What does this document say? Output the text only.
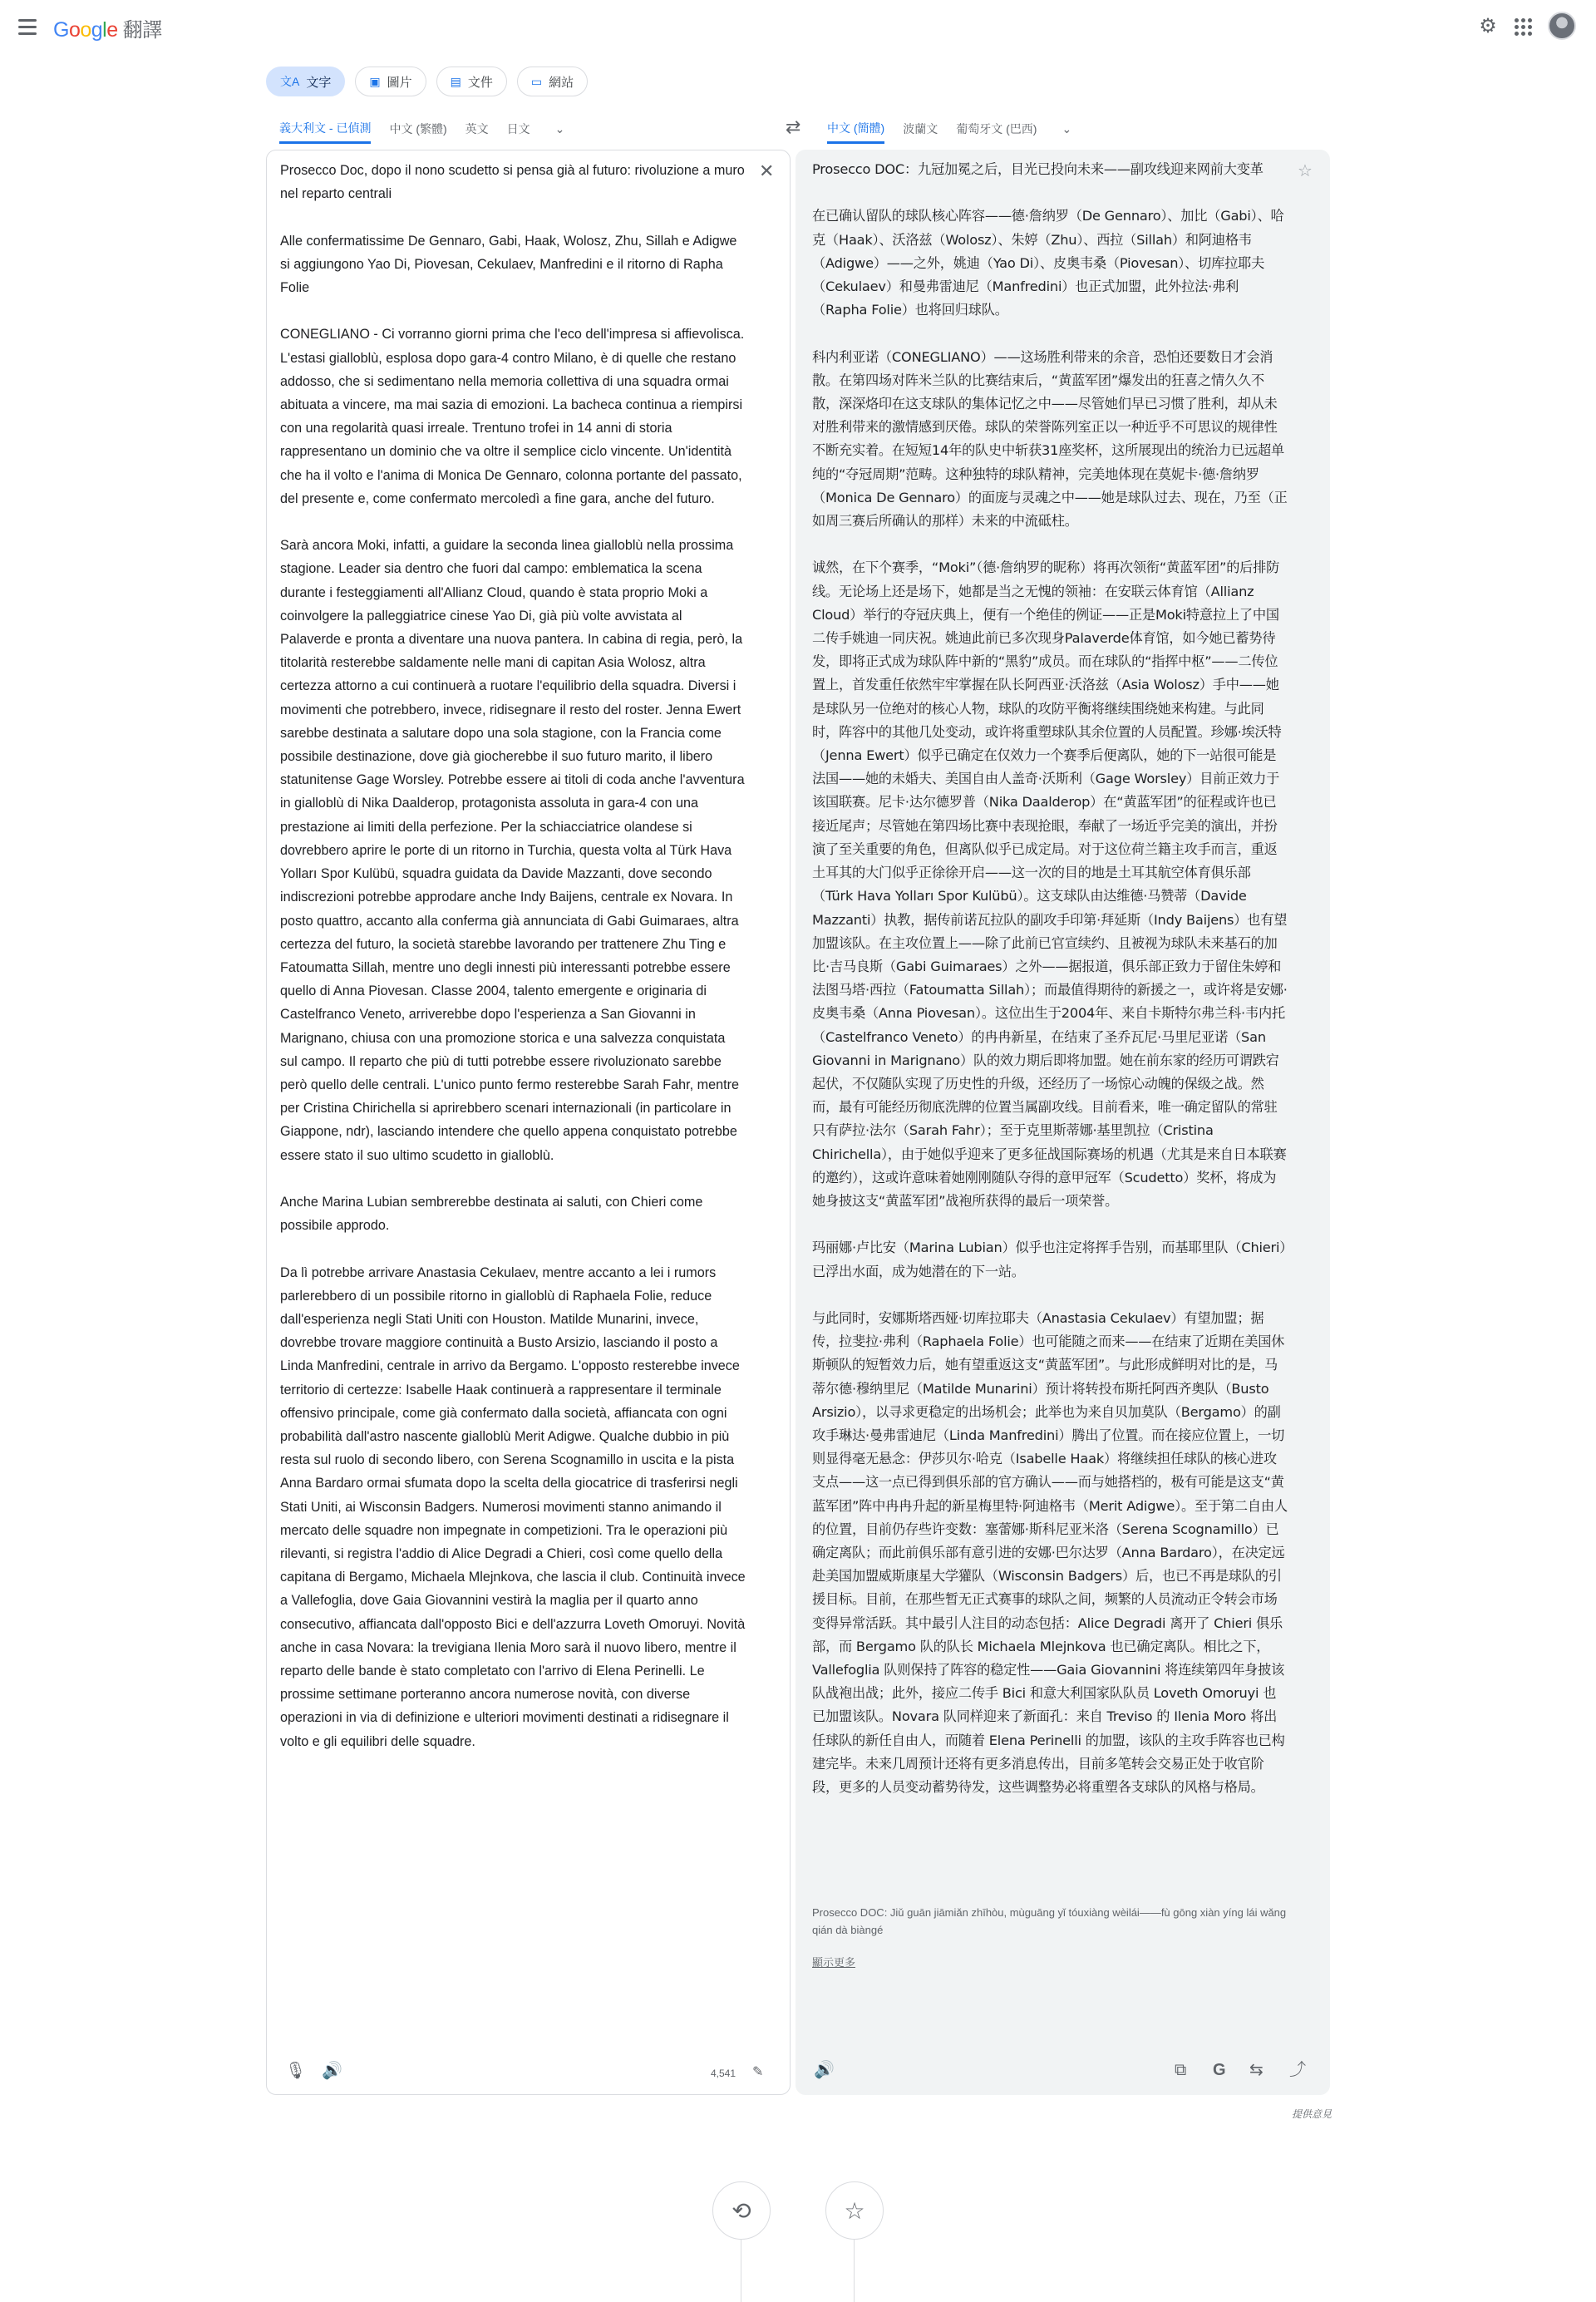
Google 翻譯	⚙
文A 文字	▣ 圖片	▤ 文件	▭ 網站
義大利文 - 已偵測 中文 (繁體) 英文 日文 ⌄	⇄ 中文 (簡體) 波蘭文 葡萄牙文 (巴西) ⌄
Prosecco Doc, dopo il nono scudetto si pensa già al futuro: rivoluzione a muro nel reparto centrali

Alle confermatissime De Gennaro, Gabi, Haak, Wolosz, Zhu, Sillah e Adigwe si aggiungono Yao Di, Piovesan, Cekulaev, Manfredini e il ritorno di Rapha Folie

CONEGLIANO - Ci vorranno giorni prima che l'eco dell'impresa si affievolisca. L'estasi gialloblù, esplosa dopo gara-4 contro Milano, è di quelle che restano addosso, che si sedimentano nella memoria collettiva di una squadra ormai abituata a vincere, ma mai sazia di emozioni. La bacheca continua a riempirsi con una regolarità quasi irreale. Trentuno trofei in 14 anni di storia rappresentano un dominio che va oltre il semplice ciclo vincente. Un'identità che ha il volto e l'anima di Monica De Gennaro, colonna portante del passato, del presente e, come confermato mercoledì a fine gara, anche del futuro.

Sarà ancora Moki, infatti, a guidare la seconda linea gialloblù nella prossima stagione. Leader sia dentro che fuori dal campo: emblematica la scena durante i festeggiamenti all'Allianz Cloud, quando è stata proprio Moki a coinvolgere la palleggiatrice cinese Yao Di, già più volte avvistata al Palaverde e pronta a diventare una nuova pantera. In cabina di regia, però, la titolarità resterebbe saldamente nelle mani di capitan Asia Wolosz, altra certezza attorno a cui continuerà a ruotare l'equilibrio della squadra. Diversi i movimenti che potrebbero, invece, ridisegnare il resto del roster. Jenna Ewert sarebbe destinata a salutare dopo una sola stagione, con la Francia come possibile destinazione, dove già giocherebbe il suo futuro marito, il libero statunitense Gage Worsley. Potrebbe essere ai titoli di coda anche l'avventura in gialloblù di Nika Daalderop, protagonista assoluta in gara-4 con una prestazione ai limiti della perfezione. Per la schiacciatrice olandese si dovrebbero aprire le porte di un ritorno in Turchia, questa volta al Türk Hava Yolları Spor Kulübü, squadra guidata da Davide Mazzanti, dove secondo indiscrezioni potrebbe approdare anche Indy Baijens, centrale ex Novara. In posto quattro, accanto alla conferma già annunciata di Gabi Guimaraes, altra certezza del futuro, la società starebbe lavorando per trattenere Zhu Ting e Fatoumatta Sillah, mentre uno degli innesti più interessanti potrebbe essere quello di Anna Piovesan. Classe 2004, talento emergente e originaria di Castelfranco Veneto, arriverebbe dopo l'esperienza a San Giovanni in Marignano, chiusa con una promozione storica e una salvezza conquistata sul campo. Il reparto che più di tutti potrebbe essere rivoluzionato sarebbe però quello delle centrali. L'unico punto fermo resterebbe Sarah Fahr, mentre per Cristina Chirichella si aprirebbero scenari internazionali (in particolare in Giappone, ndr), lasciando intendere che quello appena conquistato potrebbe essere stato il suo ultimo scudetto in gialloblù.

Anche Marina Lubian sembrerebbe destinata ai saluti, con Chieri come possibile approdo.

Da lì potrebbe arrivare Anastasia Cekulaev, mentre accanto a lei i rumors parlerebbero di un possibile ritorno in gialloblù di Raphaela Folie, reduce dall'esperienza negli Stati Uniti con Houston. Matilde Munarini, invece, dovrebbe trovare maggiore continuità a Busto Arsizio, lasciando il posto a Linda Manfredini, centrale in arrivo da Bergamo. L'opposto resterebbe invece territorio di certezze: Isabelle Haak continuerà a rappresentare il terminale offensivo principale, come già confermato dalla società, affiancata con ogni probabilità dall'astro nascente gialloblù Merit Adigwe. Qualche dubbio in più resta sul ruolo di secondo libero, con Serena Scognamillo in uscita e la pista Anna Bardaro ormai sfumata dopo la scelta della giocatrice di trasferirsi negli Stati Uniti, ai Wisconsin Badgers. Numerosi movimenti stanno animando il mercato delle squadre non impegnate in competizioni. Tra le operazioni più rilevanti, si registra l'addio di Alice Degradi a Chieri, così come quello della capitana di Bergamo, Michaela Mlejnkova, che lascia il club. Continuità invece a Vallefoglia, dove Gaia Giovannini vestirà la maglia per il quarto anno consecutivo, affiancata dall'opposto Bici e dell'azzurra Loveth Omoruyi. Novità anche in casa Novara: la trevigiana Ilenia Moro sarà il nuovo libero, mentre il reparto delle bande è stato completato con l'arrivo di Elena Perinelli. Le prossime settimane porteranno ancora numerose novità, con diverse operazioni in via di definizione e ulteriori movimenti destinati a ridisegnare il volto e gli equilibri delle squadre.
✕
🎙 🔊	4,541 ✎
Prosecco DOC：九冠加冕之后，目光已投向未来——副攻线迎来网前大变革

在已确认留队的球队核心阵容——德·詹纳罗（De Gennaro）、加比（Gabi）、哈克（Haak）、沃洛兹（Wolosz）、朱婷（Zhu）、西拉（Sillah）和阿迪格韦（Adigwe）——之外，姚迪（Yao Di）、皮奥韦桑（Piovesan）、切库拉耶夫（Cekulaev）和曼弗雷迪尼（Manfredini）也正式加盟，此外拉法·弗利（Rapha Folie）也将回归球队。

科内利亚诺（CONEGLIANO）——这场胜利带来的余音，恐怕还要数日才会消散。在第四场对阵米兰队的比赛结束后，“黄蓝军团”爆发出的狂喜之情久久不散，深深烙印在这支球队的集体记忆之中——尽管她们早已习惯了胜利，却从未对胜利带来的激情感到厌倦。球队的荣誉陈列室正以一种近乎不可思议的规律性不断充实着。在短短14年的队史中斩获31座奖杯，这所展现出的统治力已远超单纯的“夺冠周期”范畴。这种独特的球队精神，完美地体现在莫妮卡·德·詹纳罗（Monica De Gennaro）的面庞与灵魂之中——她是球队过去、现在，乃至（正如周三赛后所确认的那样）未来的中流砥柱。

诚然，在下个赛季，“Moki”（德·詹纳罗的昵称）将再次领衔“黄蓝军团”的后排防线。无论场上还是场下，她都是当之无愧的领袖：在安联云体育馆（Allianz Cloud）举行的夺冠庆典上，便有一个绝佳的例证——正是Moki特意拉上了中国二传手姚迪一同庆祝。姚迪此前已多次现身Palaverde体育馆，如今她已蓄势待发，即将正式成为球队阵中新的“黑豹”成员。而在球队的“指挥中枢”——二传位置上，首发重任依然牢牢掌握在队长阿西亚·沃洛兹（Asia Wolosz）手中——她是球队另一位绝对的核心人物，球队的攻防平衡将继续围绕她来构建。与此同时，阵容中的其他几处变动，或许将重塑球队其余位置的人员配置。珍娜·埃沃特（Jenna Ewert）似乎已确定在仅效力一个赛季后便离队，她的下一站很可能是法国——她的未婚夫、美国自由人盖奇·沃斯利（Gage Worsley）目前正效力于该国联赛。尼卡·达尔德罗普（Nika Daalderop）在“黄蓝军团”的征程或许也已接近尾声；尽管她在第四场比赛中表现抢眼，奉献了一场近乎完美的演出，并扮演了至关重要的角色，但离队似乎已成定局。对于这位荷兰籍主攻手而言，重返土耳其的大门似乎正徐徐开启——这一次的目的地是土耳其航空体育俱乐部（Türk Hava Yolları Spor Kulübü）。这支球队由达维德·马赞蒂（Davide Mazzanti）执教，据传前诺瓦拉队的副攻手印第·拜延斯（Indy Baijens）也有望加盟该队。在主攻位置上——除了此前已官宣续约、且被视为球队未来基石的加比·吉马良斯（Gabi Guimaraes）之外——据报道，俱乐部正致力于留住朱婷和法图马塔·西拉（Fatoumatta Sillah）；而最值得期待的新援之一，或许将是安娜·皮奥韦桑（Anna Piovesan）。这位出生于2004年、来自卡斯特尔弗兰科·韦内托（Castelfranco Veneto）的冉冉新星，在结束了圣乔瓦尼·马里尼亚诺（San Giovanni in Marignano）队的效力期后即将加盟。她在前东家的经历可谓跌宕起伏，不仅随队实现了历史性的升级，还经历了一场惊心动魄的保级之战。然而，最有可能经历彻底洗牌的位置当属副攻线。目前看来，唯一确定留队的常驻只有萨拉·法尔（Sarah Fahr）；至于克里斯蒂娜·基里凯拉（Cristina Chirichella），由于她似乎迎来了更多征战国际赛场的机遇（尤其是来自日本联赛的邀约），这或许意味着她刚刚随队夺得的意甲冠军（Scudetto）奖杯，将成为她身披这支“黄蓝军团”战袍所获得的最后一项荣誉。

玛丽娜·卢比安（Marina Lubian）似乎也注定将挥手告别，而基耶里队（Chieri）已浮出水面，成为她潜在的下一站。

与此同时，安娜斯塔西娅·切库拉耶夫（Anastasia Cekulaev）有望加盟；据传，拉斐拉·弗利（Raphaela Folie）也可能随之而来——在结束了近期在美国休斯顿队的短暂效力后，她有望重返这支“黄蓝军团”。与此形成鲜明对比的是，马蒂尔德·穆纳里尼（Matilde Munarini）预计将转投布斯托阿西齐奥队（Busto Arsizio），以寻求更稳定的出场机会；此举也为来自贝加莫队（Bergamo）的副攻手琳达·曼弗雷迪尼（Linda Manfredini）腾出了位置。而在接应位置上，一切则显得毫无悬念：伊莎贝尔·哈克（Isabelle Haak）将继续担任球队的核心进攻支点——这一点已得到俱乐部的官方确认——而与她搭档的，极有可能是这支“黄蓝军团”阵中冉冉升起的新星梅里特·阿迪格韦（Merit Adigwe）。至于第二自由人的位置，目前仍存些许变数：塞蕾娜·斯科尼亚米洛（Serena Scognamillo）已确定离队；而此前俱乐部有意引进的安娜·巴尔达罗（Anna Bardaro），在决定远赴美国加盟威斯康星大学獾队（Wisconsin Badgers）后，也已不再是球队的引援目标。目前，在那些暂无正式赛事的球队之间，频繁的人员流动正令转会市场变得异常活跃。其中最引人注目的动态包括：Alice Degradi 离开了 Chieri 俱乐部，而 Bergamo 队的队长 Michaela Mlejnkova 也已确定离队。相比之下，Vallefoglia 队则保持了阵容的稳定性——Gaia Giovannini 将连续第四年身披该队战袍出战；此外，接应二传手 Bici 和意大利国家队队员 Loveth Omoruyi 也已加盟该队。Novara 队同样迎来了新面孔：来自 Treviso 的 Ilenia Moro 将出任球队的新任自由人，而随着 Elena Perinelli 的加盟，该队的主攻手阵容也已构建完毕。未来几周预计还将有更多消息传出，目前多笔转会交易正处于收官阶段，更多的人员变动蓄势待发，这些调整势必将重塑各支球队的风格与格局。
☆
Prosecco DOC: Jiǔ guān jiāmiǎn zhīhòu, mùguāng yǐ tóuxiàng wèilái——fù gōng xiàn yíng lái wǎng qián dà biàngé
顯示更多
🔊	⧉ G ⇆ ⤴
提供意見
⟲	☆
